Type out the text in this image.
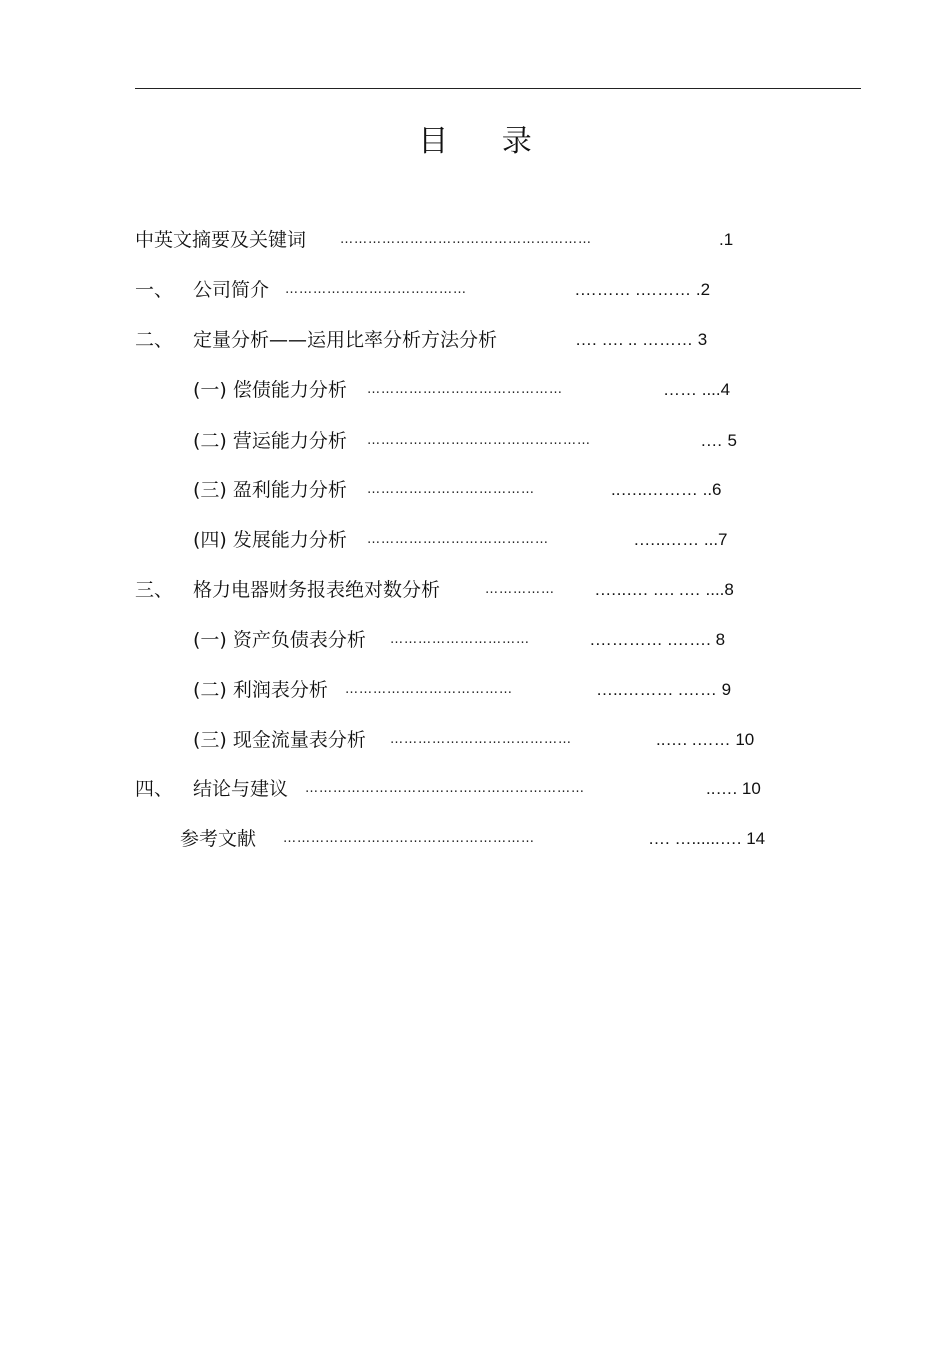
目 录
中英文摘要及关键词	………………………………………………	.1
一、 公司简介 …………………………………	.……… .……… .2
二、 定量分析——运用比率分析方法分析	…. …. .. ……… 3
(一) 偿债能力分析 ……………………………………	…… ....4
(二) 营运能力分析 …………………………………………	.… 5
(三) 盈利能力分析 ………………………………	..…..……… ..6
(四) 发展能力分析 …………………………………	.…..…… ...7
三、 格力电器财务报表绝对数分析	…………… .…..…. …. .… ....8
(一) 资产负债表分析 …………………………	.………… .……. 8
(二) 利润表分析 ………………………………	…..……… .…… 9
(三) 现金流量表分析 …………………………………	..…. .…… 10
四、 结论与建议 ……………………………………………………	..…. 10
参考文献 ………………………………………………	…. …......…. 14
